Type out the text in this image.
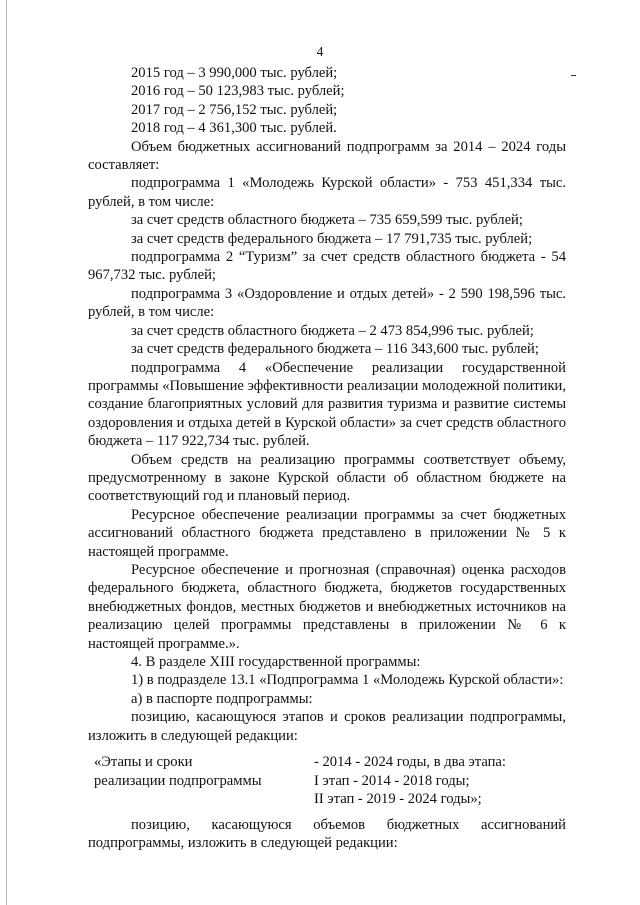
4

2015 год – 3 990,000 тыс. рублей;

2016 год – 50 123,983 тыс. рублей;

2017 год – 2 756,152 тыс. рублей;

2018 год – 4 361,300 тыс. рублей.

Объем бюджетных ассигнований подпрограмм за 2014 – 2024 годы составляет:

подпрограмма 1 «Молодежь Курской области» - 753 451,334 тыс. рублей, в том числе:

за счет средств областного бюджета – 735 659,599 тыс. рублей;

за счет средств федерального бюджета – 17 791,735 тыс. рублей;

подпрограмма 2 “Туризм” за счет средств областного бюджета - 54 967,732 тыс. рублей;

подпрограмма 3 «Оздоровление и отдых детей» - 2 590 198,596 тыс. рублей, в том числе:

за счет средств областного бюджета – 2 473 854,996 тыс. рублей;

за счет средств федерального бюджета – 116 343,600 тыс. рублей;

подпрограмма 4 «Обеспечение реализации государственной программы «Повышение эффективности реализации молодежной политики, создание благоприятных условий для развития туризма и развитие системы оздоровления и отдыха детей в Курской области» за счет средств областного бюджета – 117 922,734 тыс. рублей.

Объем средств на реализацию программы соответствует объему, предусмотренному в законе Курской области об областном бюджете на соответствующий год и плановый период.

Ресурсное обеспечение реализации программы за счет бюджетных ассигнований областного бюджета представлено в приложении № 5 к настоящей программе.

Ресурсное обеспечение и прогнозная (справочная) оценка расходов федерального бюджета, областного бюджета, бюджетов государственных внебюджетных фондов, местных бюджетов и внебюджетных источников на реализацию целей программы представлены в приложении № 6 к настоящей программе.».

4. В разделе XIII государственной программы:

1) в подразделе 13.1 «Подпрограмма 1 «Молодежь Курской области»:

а) в паспорте подпрограммы:

позицию, касающуюся этапов и сроков реализации подпрограммы, изложить в следующей редакции:

«Этапы и сроки
реализации подпрограммы
- 2014 - 2024 годы, в два этапа:
I этап - 2014 - 2018 годы;
II этап - 2019 - 2024 годы»;

позицию, касающуюся объемов бюджетных ассигнований подпрограммы, изложить в следующей редакции:
